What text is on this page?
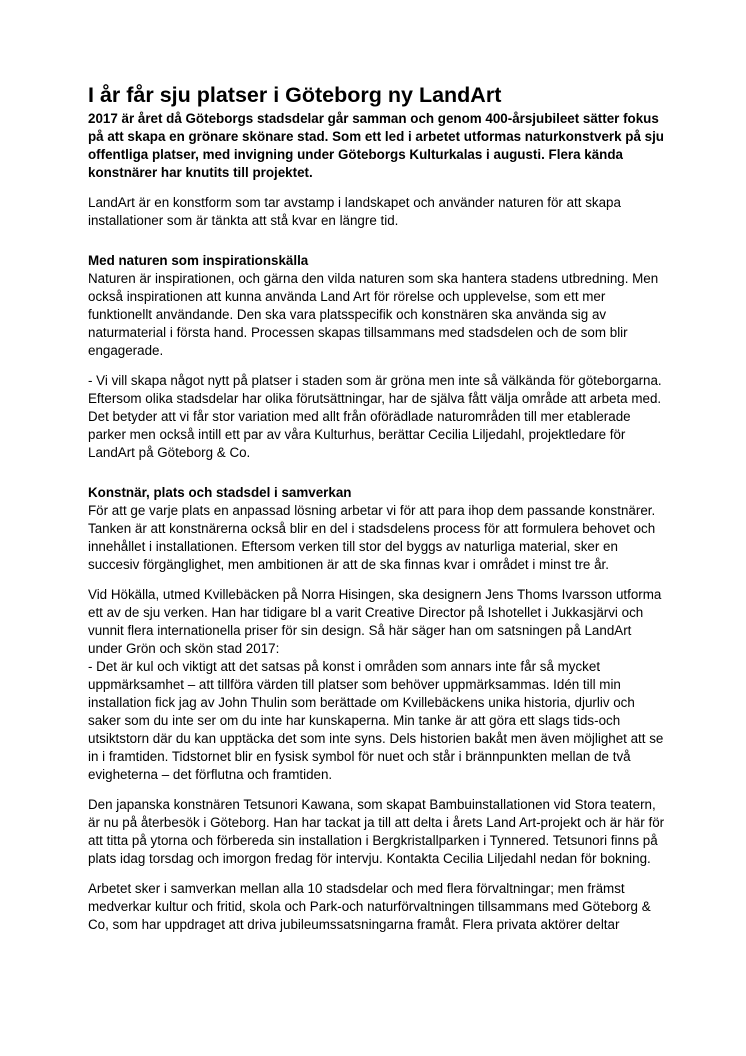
I år får sju platser i Göteborg ny LandArt

2017 är året då Göteborgs stadsdelar går samman och genom 400-årsjubileet sätter fokus på att skapa en grönare skönare stad. Som ett led i arbetet utformas naturkonstverk på sju offentliga platser, med invigning under Göteborgs Kulturkalas i augusti. Flera kända konstnärer har knutits till projektet.

LandArt är en konstform som tar avstamp i landskapet och använder naturen för att skapa installationer som är tänkta att stå kvar en längre tid.

Med naturen som inspirationskälla

Naturen är inspirationen, och gärna den vilda naturen som ska hantera stadens utbredning. Men också inspirationen att kunna använda Land Art för rörelse och upplevelse, som ett mer funktionellt användande. Den ska vara platsspecifik och konstnären ska använda sig av naturmaterial i första hand. Processen skapas tillsammans med stadsdelen och de som blir engagerade.

- Vi vill skapa något nytt på platser i staden som är gröna men inte så välkända för göteborgarna. Eftersom olika stadsdelar har olika förutsättningar, har de själva fått välja område att arbeta med. Det betyder att vi får stor variation med allt från oförädlade naturområden till mer etablerade parker men också intill ett par av våra Kulturhus, berättar Cecilia Liljedahl, projektledare för LandArt på Göteborg & Co.

Konstnär, plats och stadsdel i samverkan

För att ge varje plats en anpassad lösning arbetar vi för att para ihop dem passande konstnärer. Tanken är att konstnärerna också blir en del i stadsdelens process för att formulera behovet och innehållet i installationen. Eftersom verken till stor del byggs av naturliga material, sker en succesiv förgänglighet, men ambitionen är att de ska finnas kvar i området i minst tre år.

Vid Hökälla, utmed Kvillebäcken på Norra Hisingen, ska designern Jens Thoms Ivarsson utforma ett av de sju verken. Han har tidigare bl a varit Creative Director på Ishotellet i Jukkasjärvi och vunnit flera internationella priser för sin design. Så här säger han om satsningen på LandArt under Grön och skön stad 2017:

- Det är kul och viktigt att det satsas på konst i områden som annars inte får så mycket uppmärksamhet – att tillföra värden till platser som behöver uppmärksammas. Idén till min installation fick jag av John Thulin som berättade om Kvillebäckens unika historia, djurliv och saker som du inte ser om du inte har kunskaperna. Min tanke är att göra ett slags tids-och utsiktstorn där du kan upptäcka det som inte syns. Dels historien bakåt men även möjlighet att se in i framtiden. Tidstornet blir en fysisk symbol för nuet och står i brännpunkten mellan de två evigheterna – det förflutna och framtiden.

Den japanska konstnären Tetsunori Kawana, som skapat Bambuinstallationen vid Stora teatern, är nu på återbesök i Göteborg. Han har tackat ja till att delta i årets Land Art-projekt och är här för att titta på ytorna och förbereda sin installation i Bergkristallparken i Tynnered. Tetsunori finns på plats idag torsdag och imorgon fredag för intervju. Kontakta Cecilia Liljedahl nedan för bokning.

Arbetet sker i samverkan mellan alla 10 stadsdelar och med flera förvaltningar; men främst medverkar kultur och fritid, skola och Park-och naturförvaltningen tillsammans med Göteborg & Co, som har uppdraget att driva jubileumssatsningarna framåt. Flera privata aktörer deltar
